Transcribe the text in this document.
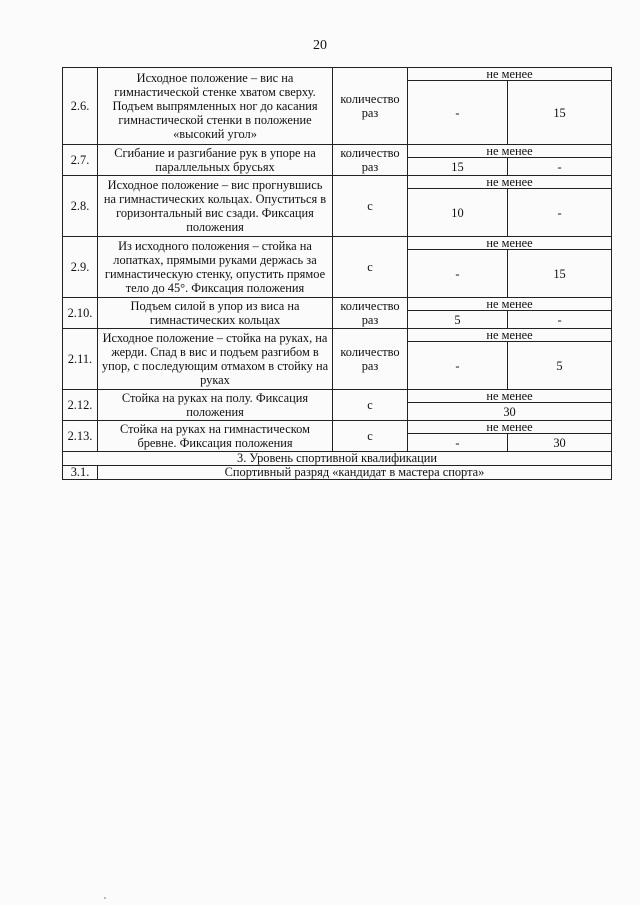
20
2.6.	Исходное положение – вис на гимнастической стенке хватом сверху. Подъем выпрямленных ног до касания гимнастической стенки в положение «высокий угол»	количество раз	не менее	
			-	15
2.7.	Сгибание и разгибание рук в упоре на параллельных брусьях	количество раз	не менее	
			15	-
2.8.	Исходное положение – вис прогнувшись на гимнастических кольцах. Опуститься в горизонтальный вис сзади. Фиксация положения	с	не менее	
			10	-
2.9.	Из исходного положения – стойка на лопатках, прямыми руками держась за гимнастическую стенку, опустить прямое тело до 45°. Фиксация положения	с	не менее	
			-	15
2.10.	Подъем силой в упор из виса на гимнастических кольцах	количество раз	не менее	
			5	-
2.11.	Исходное положение – стойка на руках, на жерди. Спад в вис и подъем разгибом в упор, с последующим отмахом в стойку на руках	количество раз	не менее	
			-	5
2.12.	Стойка на руках на полу. Фиксация положения	с	не менее	
			30	
2.13.	Стойка на руках на гимнастическом бревне. Фиксация положения	с	не менее	
			-	30
3. Уровень спортивной квалификации				
3.1.	Спортивный разряд «кандидат в мастера спорта»			
